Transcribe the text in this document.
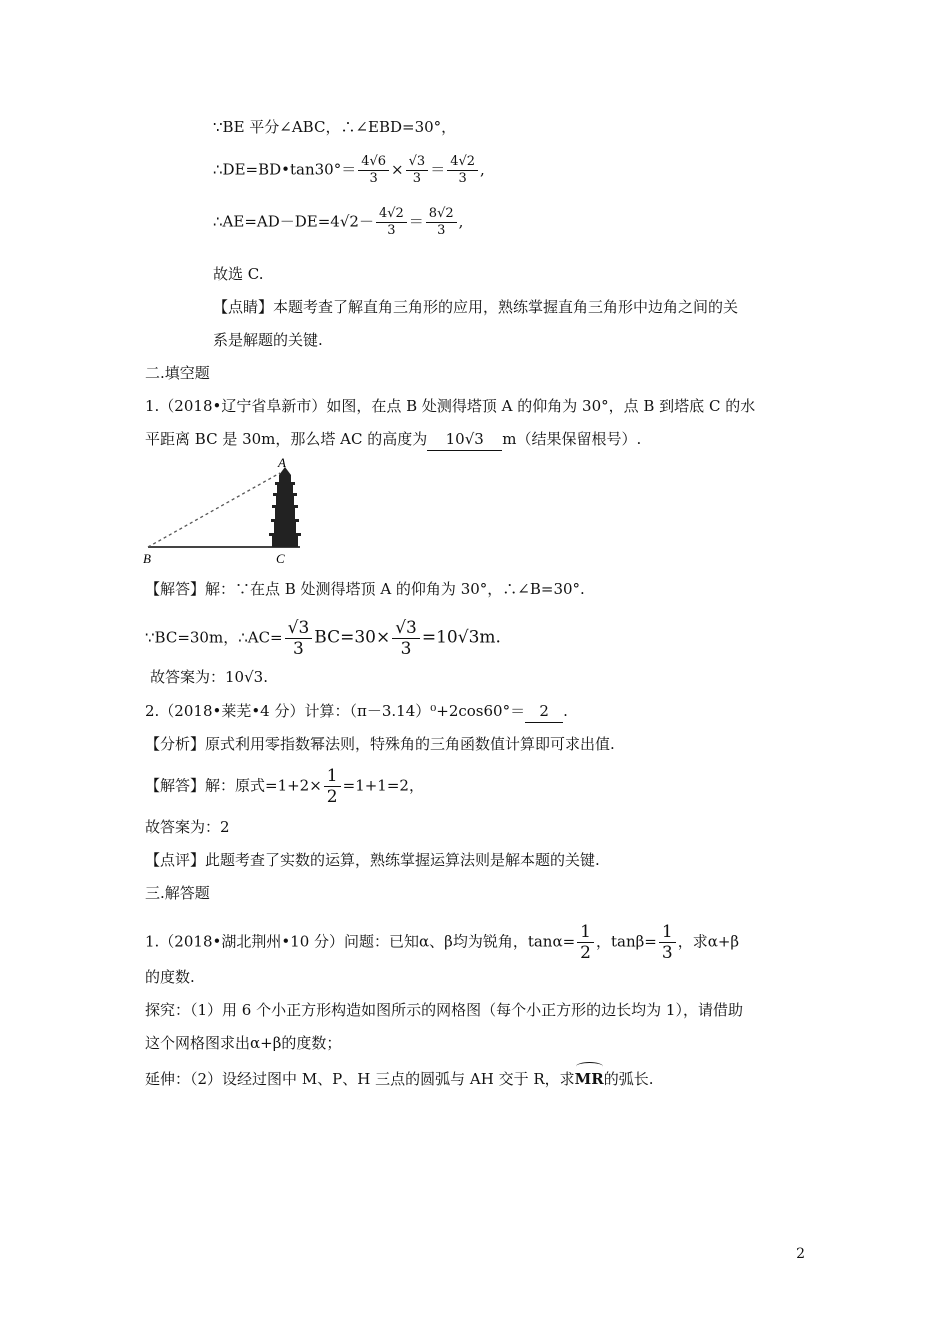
∵BE 平分∠ABC，∴∠EBD=30°，
∴DE=BD•tan30°＝ $\frac{4√6}{3} \times \frac{√3}{3} = \frac{4√2}{3}$ ,
∴AE=AD－DE=4√2－ $\frac{4√2}{3} = \frac{8√2}{3}$ ,
故选 C.
【点睛】本题考查了解直角三角形的应用，熟练掌握直角三角形中边角之间的关
系是解题的关键.
二.填空题
1.（2018•辽宁省阜新市）如图，在点 B 处测得塔顶 A 的仰角为 30°，点 B 到塔底 C 的水
平距离 BC 是 30m，那么塔 AC 的高度为 10√3 m（结果保留根号）.
A
B	C
【解答】解：∵在点 B 处测得塔顶 A 的仰角为 30°，∴∠B=30°.
∵BC=30m，∴AC= $\frac{√3}{3} BC=30\times \frac{√3}{3} =10√3m$.
故答案为：10√3.
2.（2018•莱芜•4 分）计算：（π－3.14）⁰+2cos60°＝ 2 .
【分析】原式利用零指数幂法则，特殊角的三角函数值计算即可求出值.
【解答】解：原式$=1+2\times \frac{1}{2} =1+1=2$，
故答案为：2
【点评】此题考查了实数的运算，熟练掌握运算法则是解本题的关键.
三.解答题
1.（2018•湖北荆州•10 分）问题：已知α、β均为锐角，$\tan\alpha= \frac{1}{2}$ ，$\tan\beta= \frac{1}{3}$ ，求α+β
的度数.
探究：（1）用 6 个小正方形构造如图所示的网格图（每个小正方形的边长均为 1），请借助
这个网格图求出α+β的度数；
延伸：（2）设经过图中 M、P、H 三点的圆弧与 AH 交于 R，求MR的弧长.
2
